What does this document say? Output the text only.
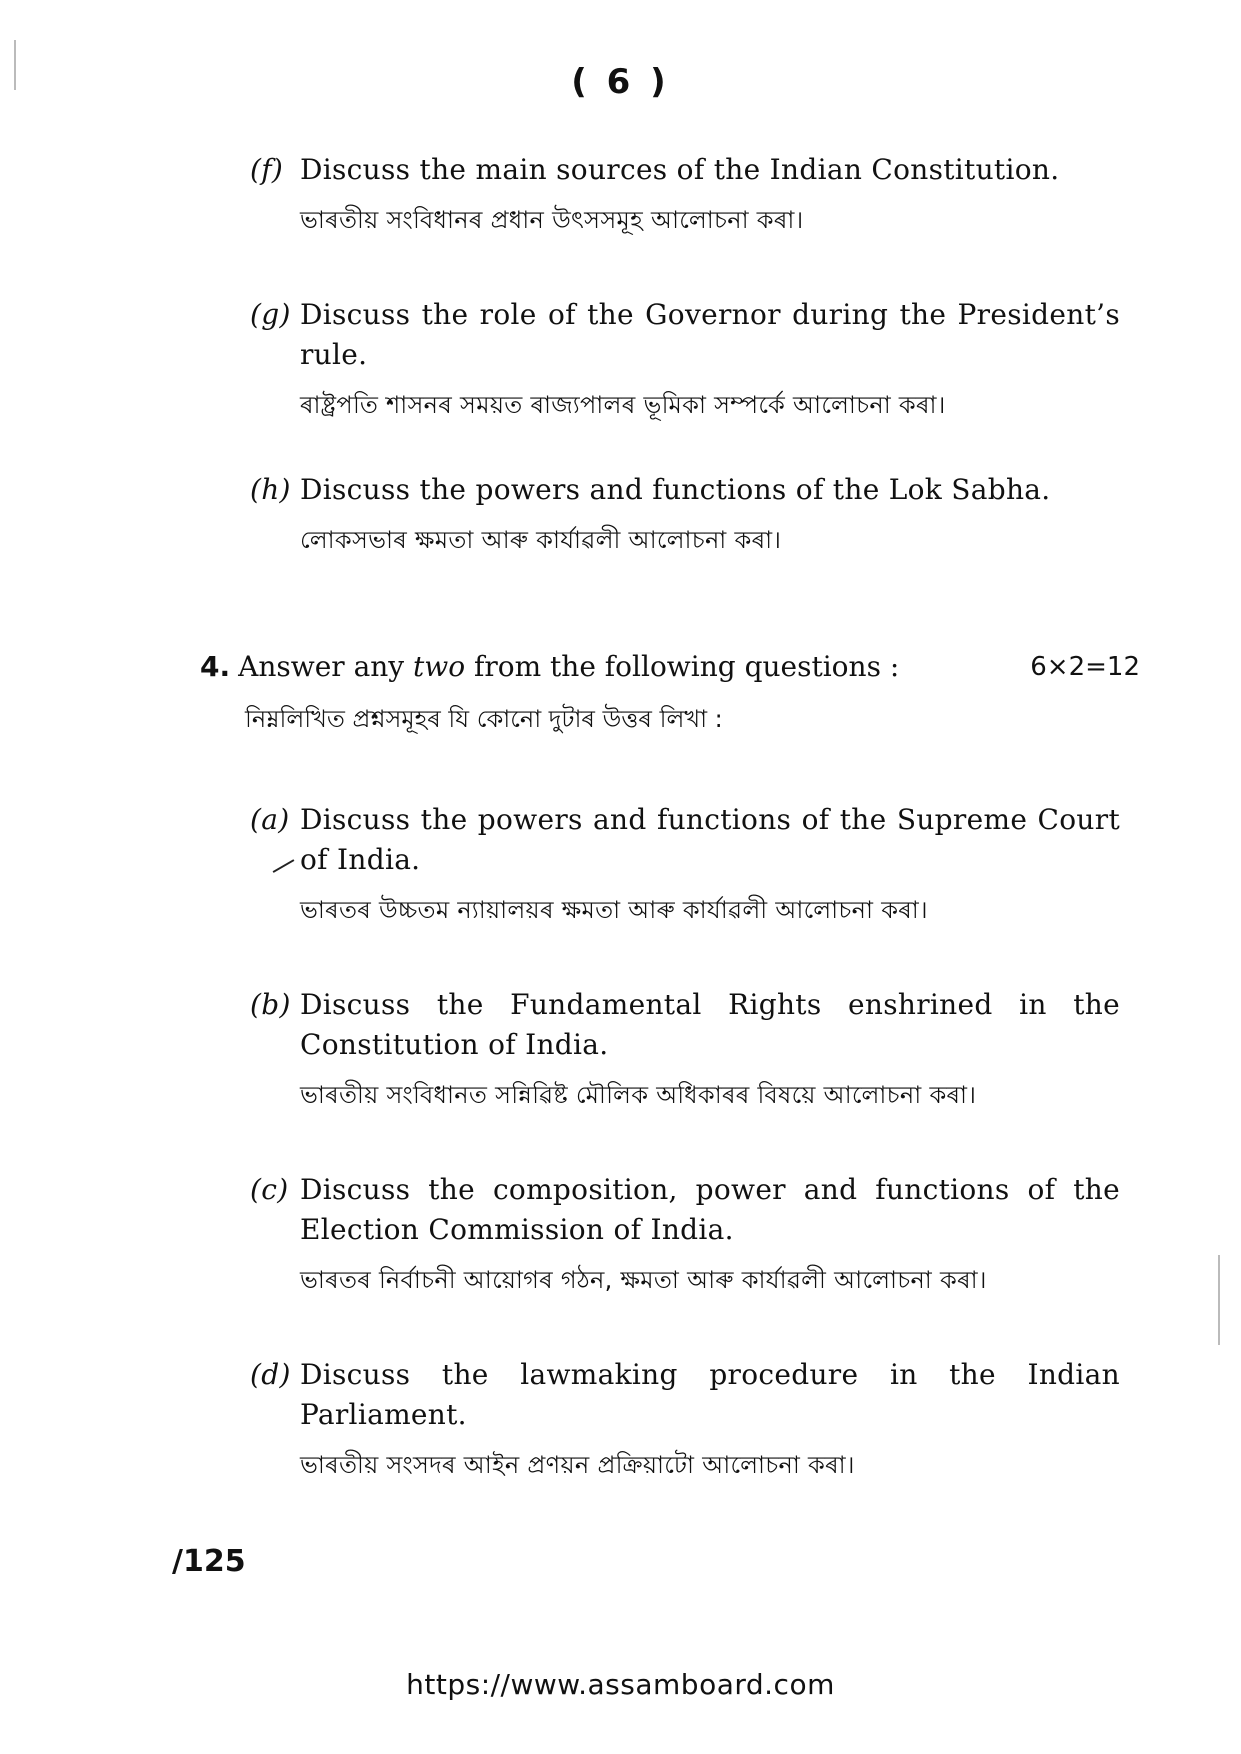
( 6 )
(f) Discuss the main sources of the Indian Constitution.
ভাৰতীয় সংবিধানৰ প্ৰধান উৎসসমূহ আলোচনা কৰা।
(g) Discuss the role of the Governor during the President’s rule.
ৰাষ্ট্ৰপতি শাসনৰ সময়ত ৰাজ্যপালৰ ভূমিকা সম্পৰ্কে আলোচনা কৰা।
(h) Discuss the powers and functions of the Lok Sabha.
লোকসভাৰ ক্ষমতা আৰু কাৰ্যাৱলী আলোচনা কৰা।
4. Answer any two from the following questions :	6×2=12
নিম্নলিখিত প্ৰশ্নসমূহৰ যি কোনো দুটাৰ উত্তৰ লিখা :
(a) Discuss the powers and functions of the Supreme Court of India.
ভাৰতৰ উচ্চতম ন্যায়ালয়ৰ ক্ষমতা আৰু কাৰ্যাৱলী আলোচনা কৰা।
(b) Discuss the Fundamental Rights enshrined in the Constitution of India.
ভাৰতীয় সংবিধানত সন্নিৱিষ্ট মৌলিক অধিকাৰৰ বিষয়ে আলোচনা কৰা।
(c) Discuss the composition, power and functions of the Election Commission of India.
ভাৰতৰ নিৰ্বাচনী আয়োগৰ গঠন, ক্ষমতা আৰু কাৰ্যাৱলী আলোচনা কৰা।
(d) Discuss the lawmaking procedure in the Indian Parliament.
ভাৰতীয় সংসদৰ আইন প্ৰণয়ন প্ৰক্ৰিয়াটো আলোচনা কৰা।
/125
https://www.assamboard.com
